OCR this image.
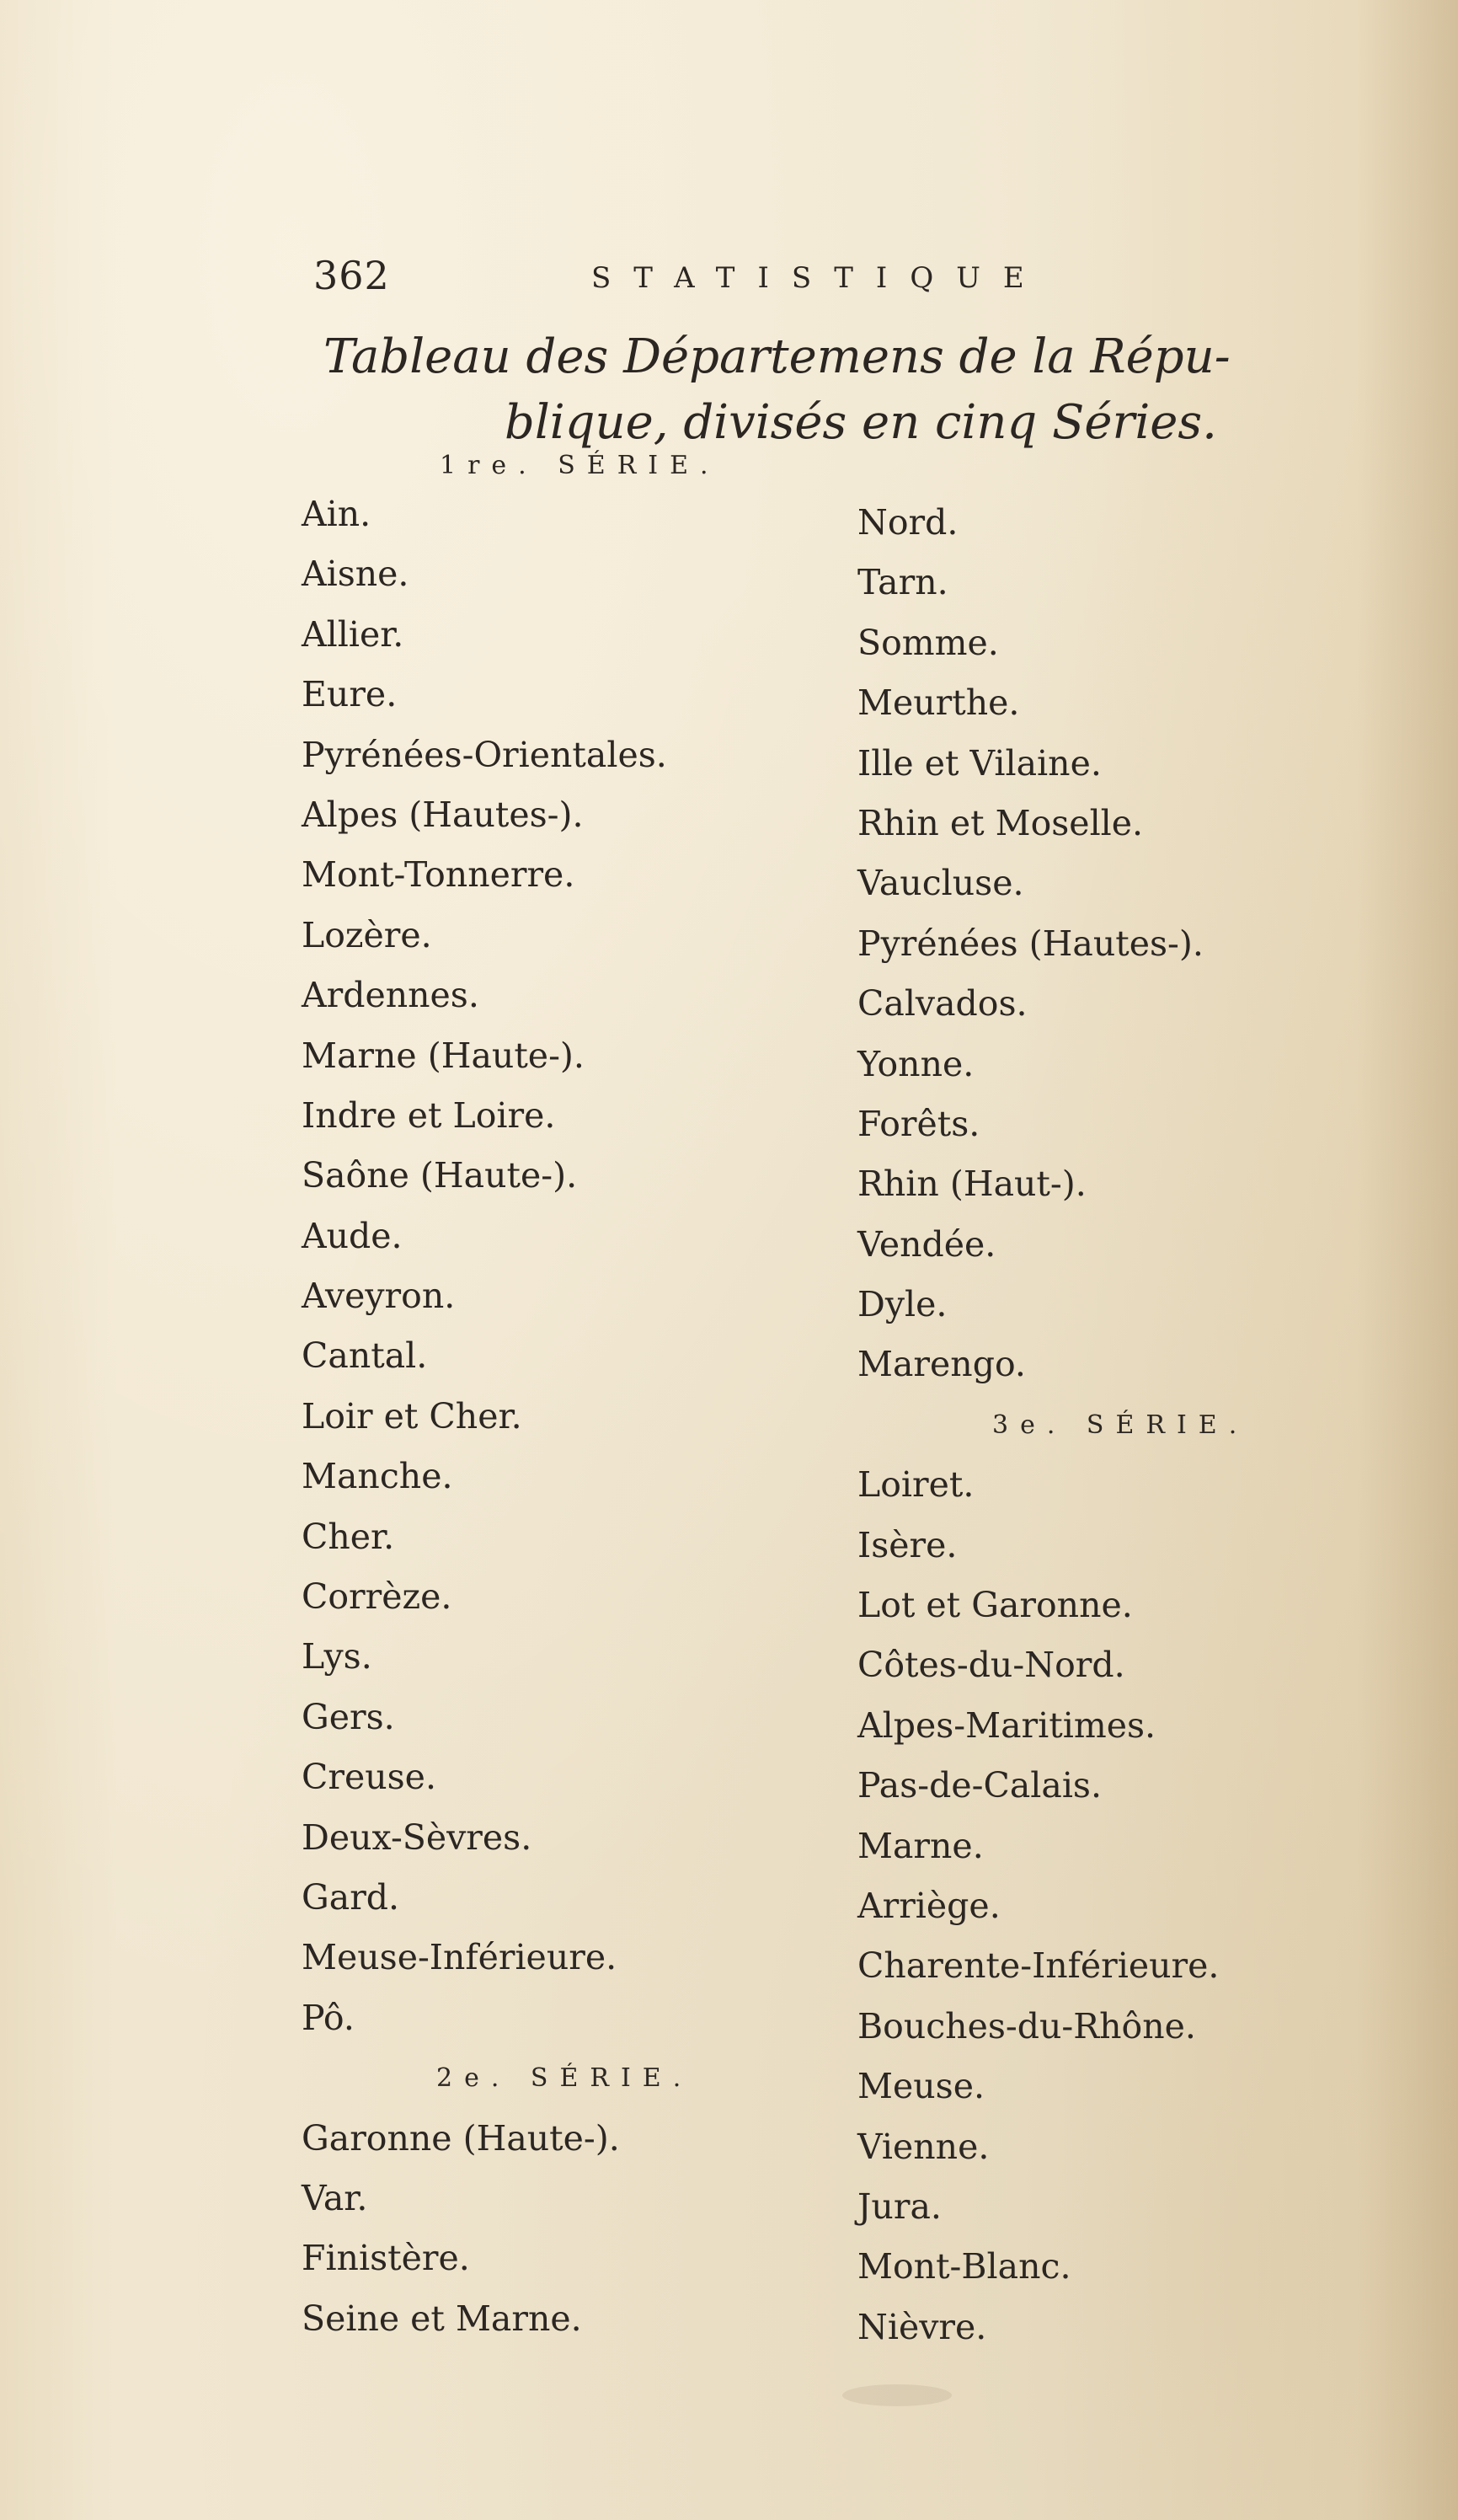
362	STATISTIQUE
Tableau des Départemens de la Répu-
blique, divisés en cinq Séries.
1re. SÉRIE.
Ain.
Aisne.
Allier.
Eure.
Pyrénées-Orientales.
Alpes (Hautes-).
Mont-Tonnerre.
Lozère.
Ardennes.
Marne (Haute-).
Indre et Loire.
Saône (Haute-).
Aude.
Aveyron.
Cantal.
Loir et Cher.
Manche.
Cher.
Corrèze.
Lys.
Gers.
Creuse.
Deux-Sèvres.
Gard.
Meuse-Inférieure.
Pô.
2e. SÉRIE.
Garonne (Haute-).
Var.
Finistère.
Seine et Marne.
Nord.
Tarn.
Somme.
Meurthe.
Ille et Vilaine.
Rhin et Moselle.
Vaucluse.
Pyrénées (Hautes-).
Calvados.
Yonne.
Forêts.
Rhin (Haut-).
Vendée.
Dyle.
Marengo.
3e. SÉRIE.
Loiret.
Isère.
Lot et Garonne.
Côtes-du-Nord.
Alpes-Maritimes.
Pas-de-Calais.
Marne.
Arriège.
Charente-Inférieure.
Bouches-du-Rhône.
Meuse.
Vienne.
Jura.
Mont-Blanc.
Nièvre.
